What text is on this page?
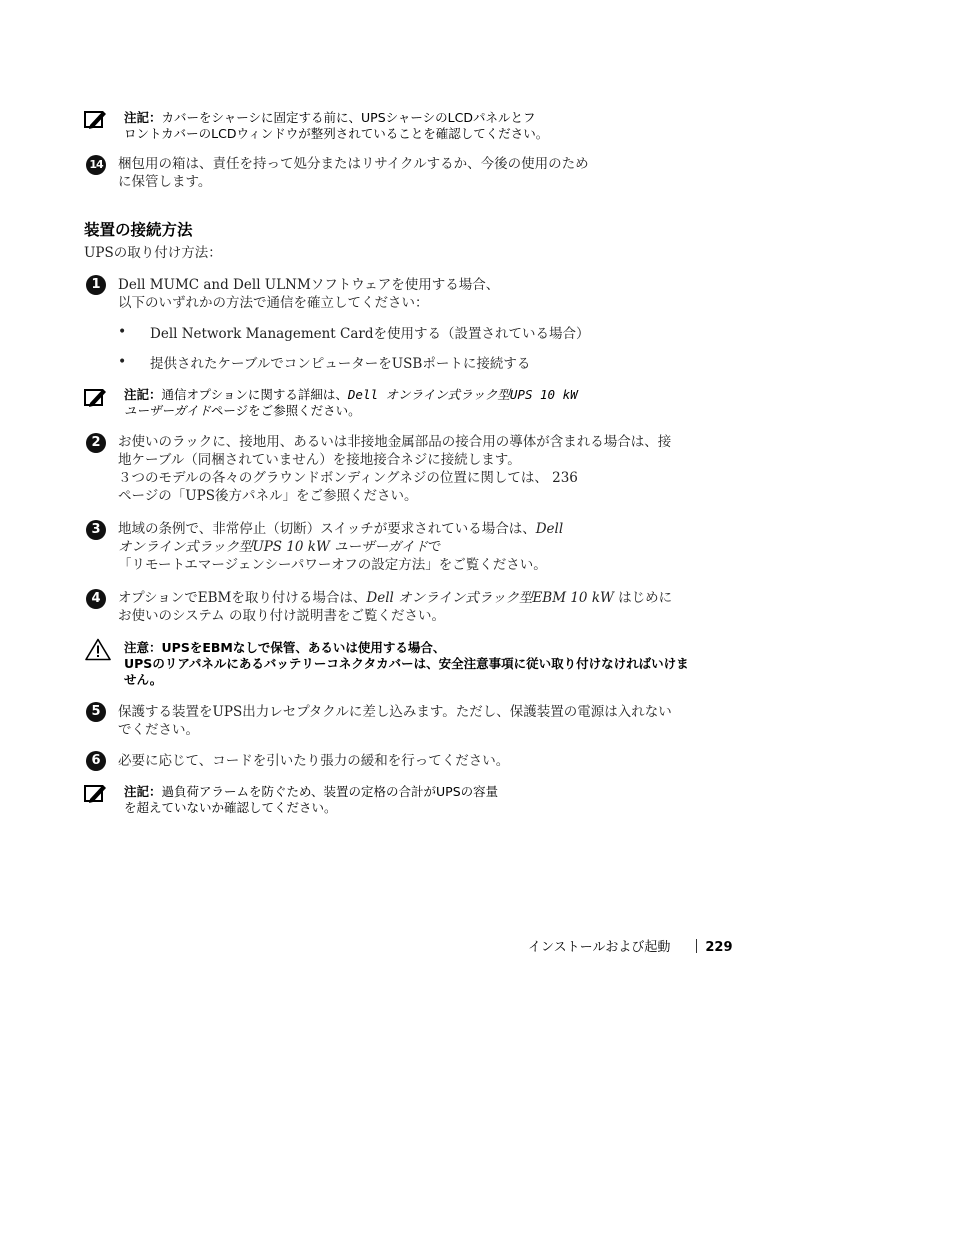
注記：カバーをシャーシに固定する前に、UPSシャーシのLCDパネルとフ
ロントカバーのLCDウィンドウが整列されていることを確認してください。
14 梱包用の箱は、責任を持って処分またはリサイクルするか、今後の使用のため
に保管します。
装置の接続方法
UPSの取り付け方法：
1	Dell MUMC and Dell ULNMソフトウェアを使用する場合、
以下のいずれかの方法で通信を確立してください：
• Dell Network Management Cardを使用する（設置されている場合）
• 提供されたケーブルでコンピューターをUSBポートに接続する
注記：通信オプションに関する詳細は、Dell オンライン式ラック型UPS 10 kW
ユーザーガイドページをご参照ください。
2	お使いのラックに、接地用、あるいは非接地金属部品の接合用の導体が含まれる場合は、接
地ケーブル（同梱されていません）を接地接合ネジに接続します。
３つのモデルの各々のグラウンドボンディングネジの位置に関しては、 236
ページの「UPS後方パネル」をご参照ください。
3	地域の条例で、非常停止（切断）スイッチが要求されている場合は、Dell
オンライン式ラック型UPS 10 kW ユーザーガイドで
「リモートエマージェンシーパワーオフの設定方法」をご覧ください。
4	オプションでEBMを取り付ける場合は、Dell オンライン式ラック型EBM 10 kW はじめに
お使いのシステム の取り付け説明書をご覧ください。
注意：UPSをEBMなしで保管、あるいは使用する場合、
UPSのリアパネルにあるバッテリーコネクタカバーは、安全注意事項に従い取り付けなければいけま
せん。
5	保護する装置をUPS出力レセプタクルに差し込みます。ただし、保護装置の電源は入れない
でください。
6	必要に応じて、コードを引いたり張力の緩和を行ってください。
注記：過負荷アラームを防ぐため、装置の定格の合計がUPSの容量
を超えていないか確認してください。
インストールおよび起動	229
